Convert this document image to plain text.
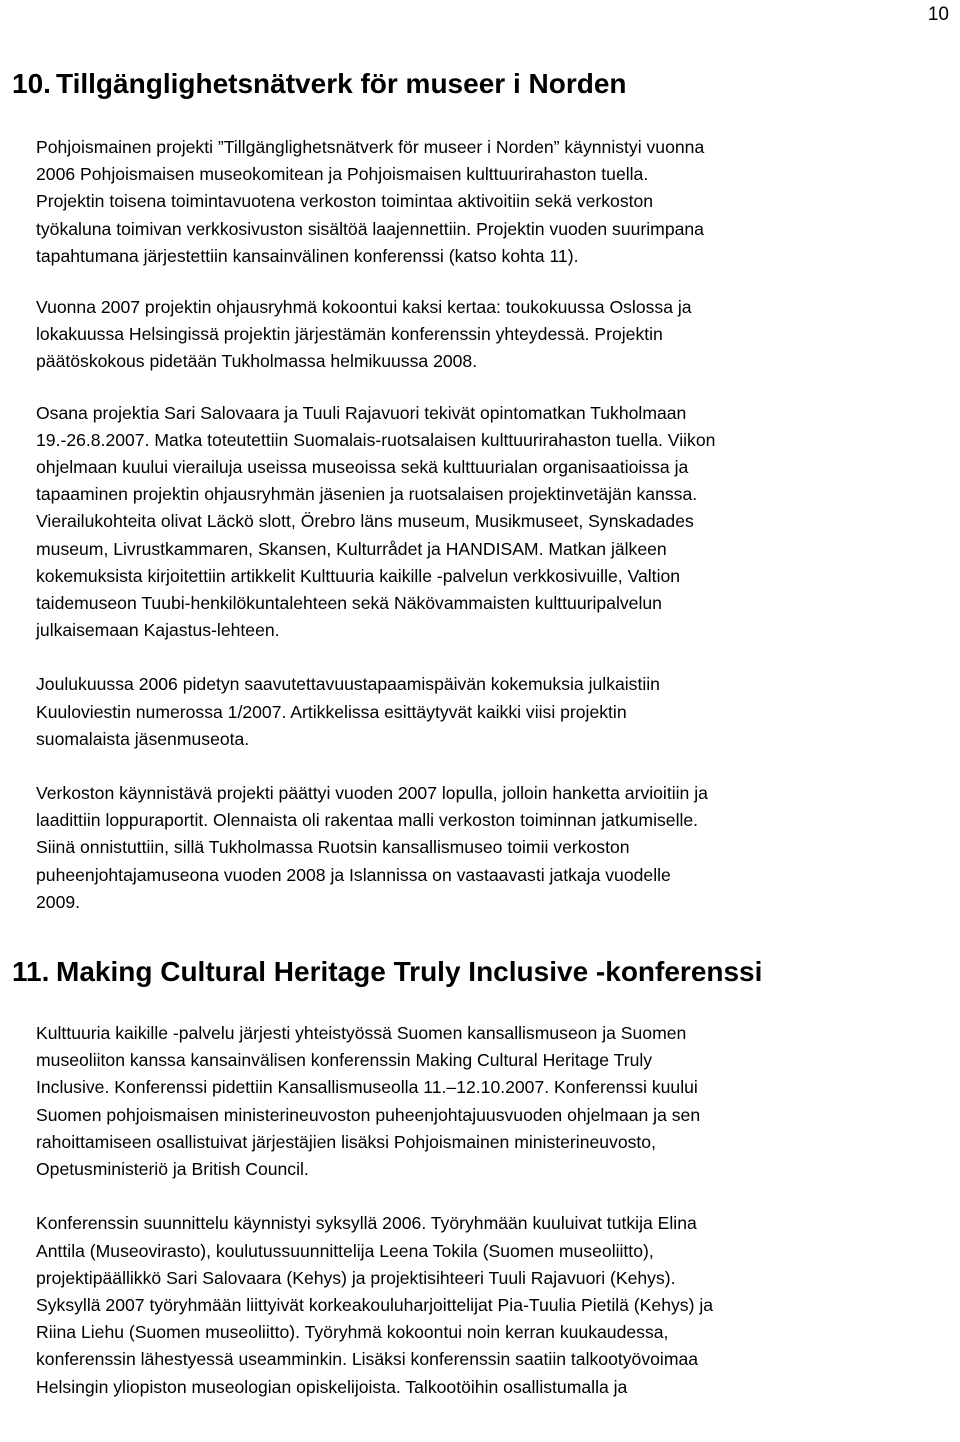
10
10. Tillgänglighetsnätverk för museer i Norden

Pohjoismainen projekti ”Tillgänglighetsnätverk för museer i Norden” käynnistyi vuonna
2006 Pohjoismaisen museokomitean ja Pohjoismaisen kulttuurirahaston tuella.
Projektin toisena toimintavuotena verkoston toimintaa aktivoitiin sekä verkoston
työkaluna toimivan verkkosivuston sisältöä laajennettiin. Projektin vuoden suurimpana
tapahtumana järjestettiin kansainvälinen konferenssi (katso kohta 11).

Vuonna 2007 projektin ohjausryhmä kokoontui kaksi kertaa: toukokuussa Oslossa ja
lokakuussa Helsingissä projektin järjestämän konferenssin yhteydessä. Projektin
päätöskokous pidetään Tukholmassa helmikuussa 2008.

Osana projektia Sari Salovaara ja Tuuli Rajavuori tekivät opintomatkan Tukholmaan
19.-26.8.2007. Matka toteutettiin Suomalais-ruotsalaisen kulttuurirahaston tuella. Viikon
ohjelmaan kuului vierailuja useissa museoissa sekä kulttuurialan organisaatioissa ja
tapaaminen projektin ohjausryhmän jäsenien ja ruotsalaisen projektinvetäjän kanssa.
Vierailukohteita olivat Läckö slott, Örebro läns museum, Musikmuseet, Synskadades
museum, Livrustkammaren, Skansen, Kulturrådet ja HANDISAM. Matkan jälkeen
kokemuksista kirjoitettiin artikkelit Kulttuuria kaikille -palvelun verkkosivuille, Valtion
taidemuseon Tuubi-henkilökuntalehteen sekä Näkövammaisten kulttuuripalvelun
julkaisemaan Kajastus-lehteen.

Joulukuussa 2006 pidetyn saavutettavuustapaamispäivän kokemuksia julkaistiin
Kuuloviestin numerossa 1/2007. Artikkelissa esittäytyvät kaikki viisi projektin
suomalaista jäsenmuseota.

Verkoston käynnistävä projekti päättyi vuoden 2007 lopulla, jolloin hanketta arvioitiin ja
laadittiin loppuraportit. Olennaista oli rakentaa malli verkoston toiminnan jatkumiselle.
Siinä onnistuttiin, sillä Tukholmassa Ruotsin kansallismuseo toimii verkoston
puheenjohtajamuseona vuoden 2008 ja Islannissa on vastaavasti jatkaja vuodelle
2009.

11. Making Cultural Heritage Truly Inclusive -konferenssi

Kulttuuria kaikille -palvelu järjesti yhteistyössä Suomen kansallismuseon ja Suomen
museoliiton kanssa kansainvälisen konferenssin Making Cultural Heritage Truly
Inclusive. Konferenssi pidettiin Kansallismuseolla 11.–12.10.2007. Konferenssi kuului
Suomen pohjoismaisen ministerineuvoston puheenjohtajuusvuoden ohjelmaan ja sen
rahoittamiseen osallistuivat järjestäjien lisäksi Pohjoismainen ministerineuvosto,
Opetusministeriö ja British Council.

Konferenssin suunnittelu käynnistyi syksyllä 2006. Työryhmään kuuluivat tutkija Elina
Anttila (Museovirasto), koulutussuunnittelija Leena Tokila (Suomen museoliitto),
projektipäällikkö Sari Salovaara (Kehys) ja projektisihteeri Tuuli Rajavuori (Kehys).
Syksyllä 2007 työryhmään liittyivät korkeakouluharjoittelijat Pia-Tuulia Pietilä (Kehys) ja
Riina Liehu (Suomen museoliitto). Työryhmä kokoontui noin kerran kuukaudessa,
konferenssin lähestyessä useamminkin. Lisäksi konferenssin saatiin talkootyövoimaa
Helsingin yliopiston museologian opiskelijoista. Talkootöihin osallistumalla ja
